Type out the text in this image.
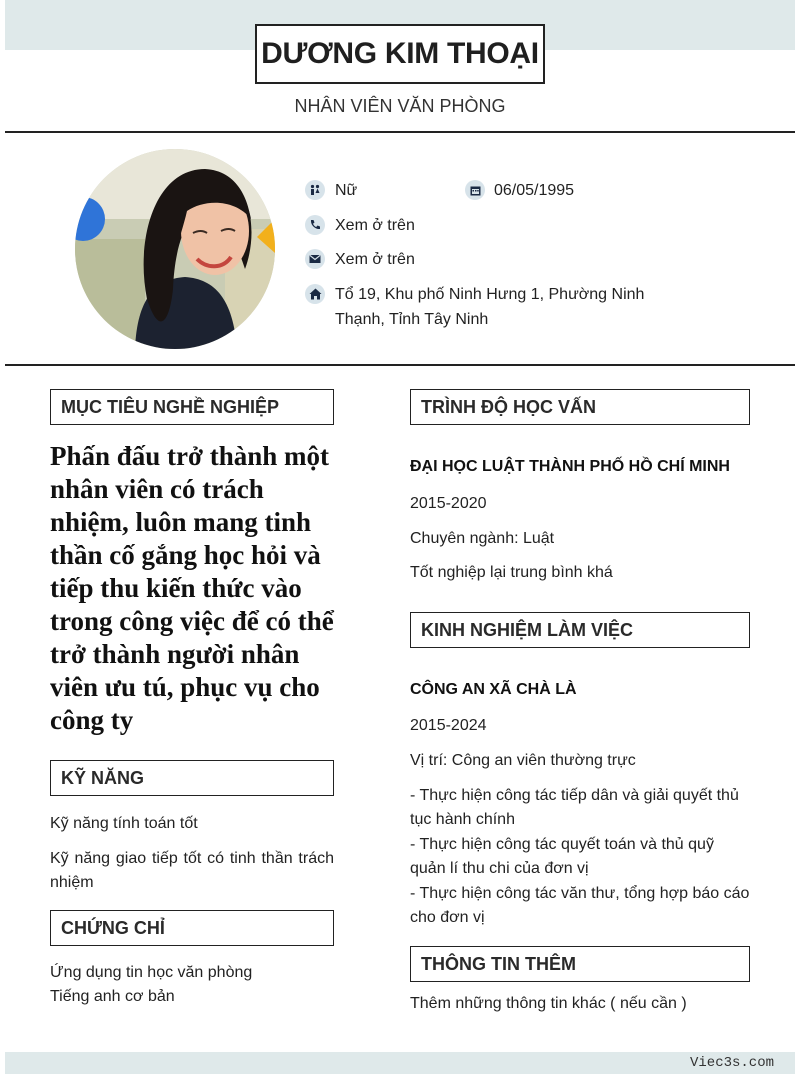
DƯƠNG KIM THOẠI
NHÂN VIÊN VĂN PHÒNG
Nữ	06/05/1995
Xem ở trên
Xem ở trên
Tổ 19, Khu phố Ninh Hưng 1, Phường Ninh
Thạnh, Tỉnh Tây Ninh
MỤC TIÊU NGHỀ NGHIỆP
Phấn đấu trở thành một nhân viên có trách nhiệm, luôn mang tinh thần cố gắng học hỏi và tiếp thu kiến thức vào trong công việc để có thể trở thành người nhân viên ưu tú, phục vụ cho công ty
KỸ NĂNG
Kỹ năng tính toán tốt
Kỹ năng giao tiếp tốt có tinh thần trách nhiệm
CHỨNG CHỈ
Ứng dụng tin học văn phòng
Tiếng anh cơ bản
TRÌNH ĐỘ HỌC VẤN
ĐẠI HỌC LUẬT THÀNH PHỐ HỒ CHÍ MINH
2015-2020
Chuyên ngành: Luật
Tốt nghiệp lại trung bình khá
KINH NGHIỆM LÀM VIỆC
CÔNG AN XÃ CHÀ LÀ
2015-2024
Vị trí: Công an viên thường trực
- Thực hiện công tác tiếp dân và giải quyết thủ tục hành chính
- Thực hiện công tác quyết toán và thủ quỹ quản lí thu chi của đơn vị
- Thực hiện công tác văn thư, tổng hợp báo cáo cho đơn vị
THÔNG TIN THÊM
Thêm những thông tin khác ( nếu cần )
Viec3s.com
